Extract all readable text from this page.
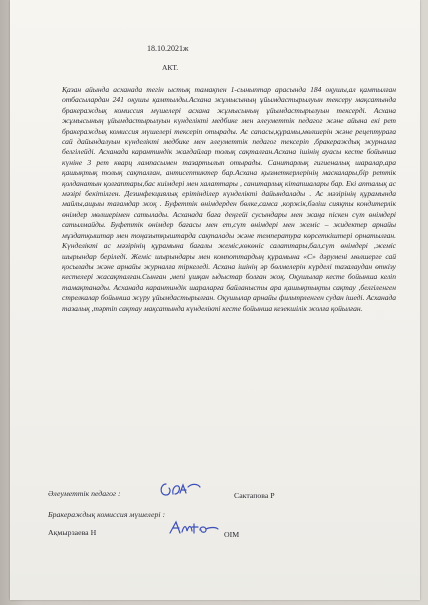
18.10.2021ж
АКТ.

Қазан айында асханада тегін ыстық тамақпен 1-сыныптар арасында 184 оқушы,ал қамтылған отбасылардан 241 оқушы қамтылды.Асхана жұмысының ұйымдастырылуын тексеру мақсатында бракераждық комиссия мүшелері асхана жұмысының ұйымдастырылуын тексерді. Асхана жұмысының ұйымдастырылуын күнделікті медбике мен әлеуметтік педагог және айына екі рет бракераждық комиссия мүшелері тексеріп отырады. Ас сапасы,құрамы,мөлшерін және рецептураға сай дайындалуын күнделікті медбике мен әлеуметтік педагог тексеріп ,бракераждық журналға белгілейді. Асханада карантиндік жағдайлар толық сақталған.Асхана ішінің ауасы кесте бойынша күніне 3 рет кварц лампасымен тазартылып отырады. Санитарлық гигиеналық шаралар,ара қашықтық толық сақталған, антисептиктер бар.Асхана қызметкерлерінің маскалары,бір реттік қолданатын қолғаптары,бас киімдері мен халаттары , санитарлық кітапшалары бар. Екі апталық ас мәзірі бекітілген. Дезинфекциялық ерітінділер күнделікті дайындалады . Ас мәзірінің құрамында майлы,ащыы тағамдар жоқ . Буфеттік өнімдерден бөлке,самса ,коржік,бәліш сияқты кондитерлік өнімдер мөлшерімен сатылады. Асханада баға деңгейі сусындары мен жаңа піскен сүт өнімдері сатылмайды. Буфеттік өнімдер бағасы мен ет,сүт өнімдері мен жеміс – жидектер арнайы мұздатқыштар мен тоңазытқыштарда сақталады және температура көрсеткіштері орнатылған. Күнделікті ас мәзірінің құрамына бағалы жеміс,көкөніс салаттары,бал,сүт өнімдері ,жеміс шырындар беріледі. Жеміс шырындары мен компоттардың құрамына «С» дәрумені мөлшерге сай қосылады және арнайы журналға тіркеледі. Асхана ішінің әр бөлмелерін күрделі тазалаудан өткізу кестелері жасақталған.Сынған ,мепі ұшқан ыдыстар болған жоқ. Оқушылар кесте бойынша келіп тамақтанады. Асханада карантиндік шараларға байланысты ара қашықтықты сақтау ,белгіленген стрелкалар бойынша жүру ұйымдастырылған. Оқушылар арнайы фильтрленген судан ішеді. Асханада тазалық ,тәртіп сақтау мақсатында күнделікті кесте бойынша кезекшілік жолға қойылған.

Әлеуметтік педагог :	Сактапова Р
Бракераждық комиссия мүшелері :
Ақмырзаева Н	ОІМ
